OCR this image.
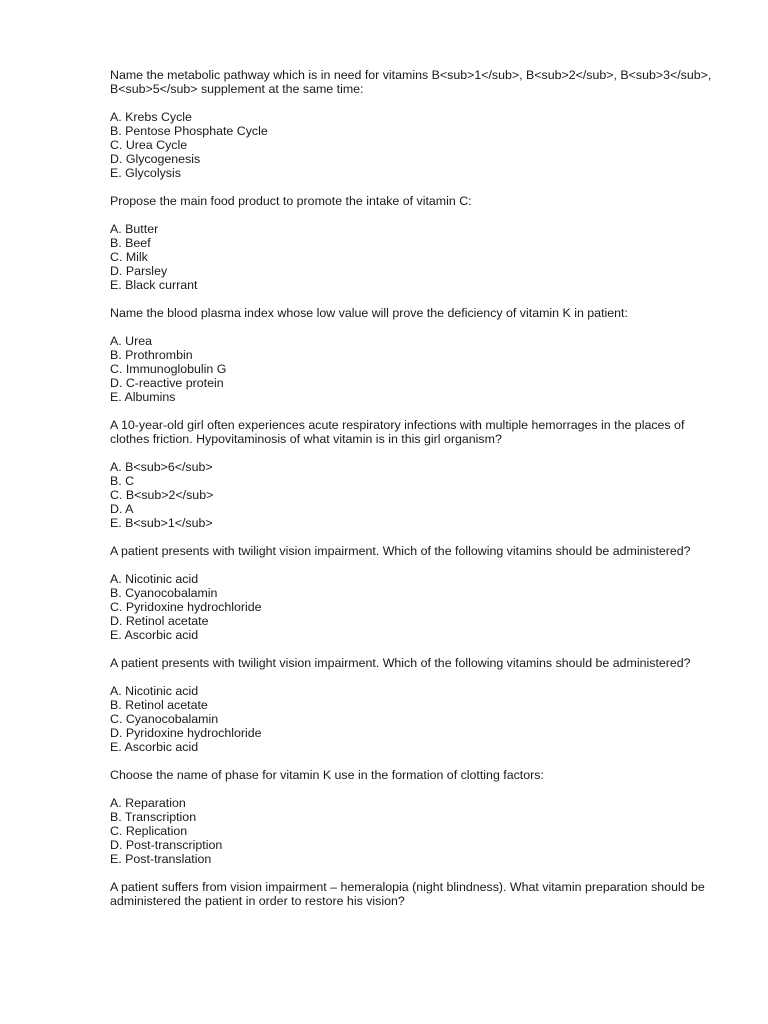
Name the metabolic pathway which is in need for vitamins B<sub>1</sub>, B<sub>2</sub>, B<sub>3</sub>, B<sub>5</sub> supplement at the same time:

A. Krebs Cycle
B. Pentose Phosphate Cycle
C. Urea Cycle
D. Glycogenesis
E. Glycolysis

Propose the main food product to promote the intake of vitamin C:

A. Butter
B. Beef
C. Milk
D. Parsley
E. Black currant

Name the blood plasma index whose low value will prove the deficiency of vitamin K in patient:

A. Urea
B. Prothrombin
C. Immunoglobulin G
D. C-reactive protein
E. Albumins

A 10-year-old girl often experiences acute respiratory infections with multiple hemorrages in the places of clothes friction. Hypovitaminosis of what vitamin is in this girl organism?

A. B<sub>6</sub>
B. C
C. B<sub>2</sub>
D. A
E. B<sub>1</sub>

A patient presents with twilight vision impairment. Which of the following vitamins should be administered?

A. Nicotinic acid
B. Cyanocobalamin
C. Pyridoxine hydrochloride
D. Retinol acetate
E. Ascorbic acid

A patient presents with twilight vision impairment. Which of the following vitamins should be administered?

A. Nicotinic acid
B. Retinol acetate
C. Cyanocobalamin
D. Pyridoxine hydrochloride
E. Ascorbic acid

Choose the name of phase for vitamin K use in the formation of clotting factors:

A. Reparation
B. Transcription
C. Replication
D. Post-transcription
E. Post-translation

A patient suffers from vision impairment – hemeralopia (night blindness). What vitamin preparation should be administered the patient in order to restore his vision?
